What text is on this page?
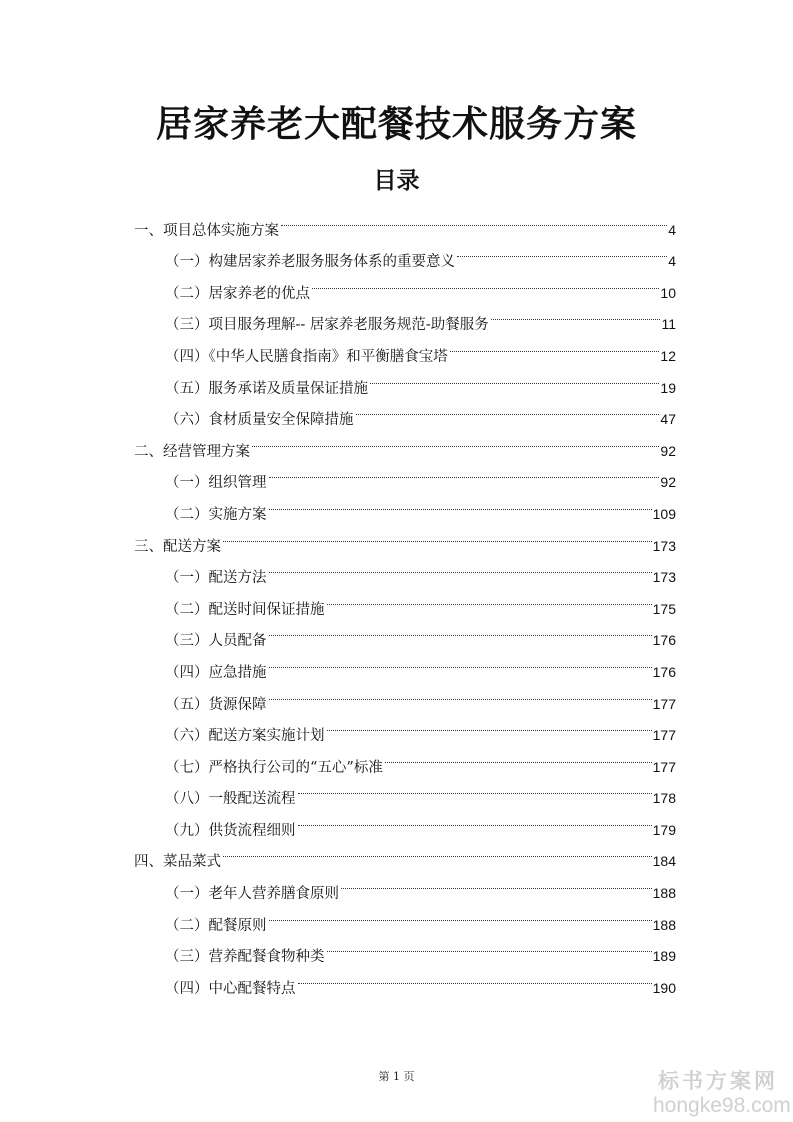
居家养老大配餐技术服务方案
目录
一、项目总体实施方案	4
（一）构建居家养老服务服务体系的重要意义	4
（二）居家养老的优点	10
（三）项目服务理解-- 居家养老服务规范-助餐服务	11
（四）《中华人民膳食指南》和平衡膳食宝塔	12
（五）服务承诺及质量保证措施	19
（六）食材质量安全保障措施	47
二、经营管理方案	92
（一）组织管理	92
（二）实施方案	109
三、配送方案	173
（一）配送方法	173
（二）配送时间保证措施	175
（三）人员配备	176
（四）应急措施	176
（五）货源保障	177
（六）配送方案实施计划	177
（七）严格执行公司的“五心”标准	177
（八）一般配送流程	178
（九）供货流程细则	179
四、菜品菜式	184
（一）老年人营养膳食原则	188
（二）配餐原则	188
（三）营养配餐食物种类	189
（四）中心配餐特点	190
第 1 页	标书方案网
hongke98.com
